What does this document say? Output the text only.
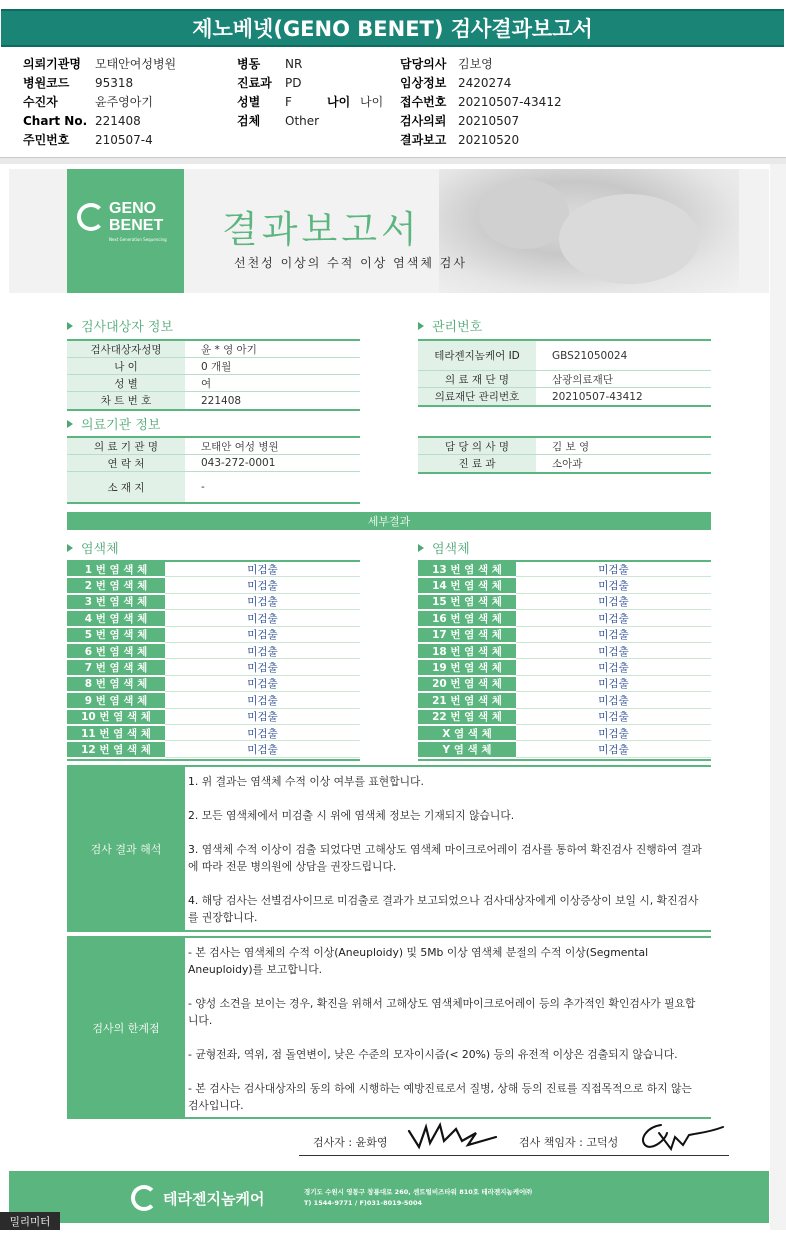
제노베넷(GENO BENET) 검사결과보고서
의뢰기관명 모태안여성병원
병원코드 95318
수진자	윤주영아기
Chart No. 221408
주민번호 210507-4
병동 NR
진료과 PD
성별 F
검체 Other
나이 나이
담당의사 김보영
임상정보 2420274
접수번호 20210507-43412
검사의뢰 20210507
결과보고 20210520
GENO
BENET
Next Generation Sequencing 결과보고서
선천성 이상의 수적 이상 염색체 검사
검사대상자 정보
검사대상자성명	윤 * 영 아기
나 이	0 개월
성 별	여
차 트 번 호	221408
관리번호
테라젠지놈케어 ID	GBS21050024
의 료 재 단 명	삼광의료재단
의료재단 관리번호	20210507-43412
의료기관 정보
의 료 기 관 명	모태안 여성 병원
연 락 처	043-272-0001
소 재 지	-
담 당 의 사 명	김 보 영
진 료 과	소아과
세부결과
염색체	염색체
1 번 염 색 체	미검출
2 번 염 색 체	미검출
3 번 염 색 체	미검출
4 번 염 색 체	미검출
5 번 염 색 체	미검출
6 번 염 색 체	미검출
7 번 염 색 체	미검출
8 번 염 색 체	미검출
9 번 염 색 체	미검출
10 번 염 색 체	미검출
11 번 염 색 체	미검출
12 번 염 색 체	미검출
13 번 염 색 체	미검출
14 번 염 색 체	미검출
15 번 염 색 체	미검출
16 번 염 색 체	미검출
17 번 염 색 체	미검출
18 번 염 색 체	미검출
19 번 염 색 체	미검출
20 번 염 색 체	미검출
21 번 염 색 체	미검출
22 번 염 색 체	미검출
X 염 색 체	미검출
Y 염 색 체	미검출
검사 결과 해석

1. 위 결과는 염색체 수적 이상 여부를 표현합니다.

2. 모든 염색체에서 미검출 시 위에 염색체 정보는 기재되지 않습니다.

3. 염색체 수적 이상이 검출 되었다면 고해상도 염색체 마이크로어레이 검사를 통하여 확진검사 진행하여 결과에 따라 전문 병의원에 상담을 권장드립니다.

4. 해당 검사는 선별검사이므로 미검출로 결과가 보고되었으나 검사대상자에게 이상증상이 보일 시, 확진검사를 권장합니다.

검사의 한계점

- 본 검사는 염색체의 수적 이상(Aneuploidy) 및 5Mb 이상 염색체 분절의 수적 이상(Segmental Aneuploidy)를 보고합니다.

- 양성 소견을 보이는 경우, 확진을 위해서 고해상도 염색체마이크로어레이 등의 추가적인 확인검사가 필요합니다.

- 균형전좌, 역위, 점 돌연변이, 낮은 수준의 모자이시즘(< 20%) 등의 유전적 이상은 검출되지 않습니다.

- 본 검사는 검사대상자의 동의 하에 시행하는 예방진료로서 질병, 상해 등의 진료를 직접목적으로 하지 않는 검사입니다.

검사자 : 윤화영	검사 책임자 : 고덕성
테라젠지놈케어	경기도 수원시 영통구 창룡대로 260, 센트럴비즈타워 810호 테라젠지놈케어㈜
T) 1544-9771 / F)031-8019-5004
밀리미터
